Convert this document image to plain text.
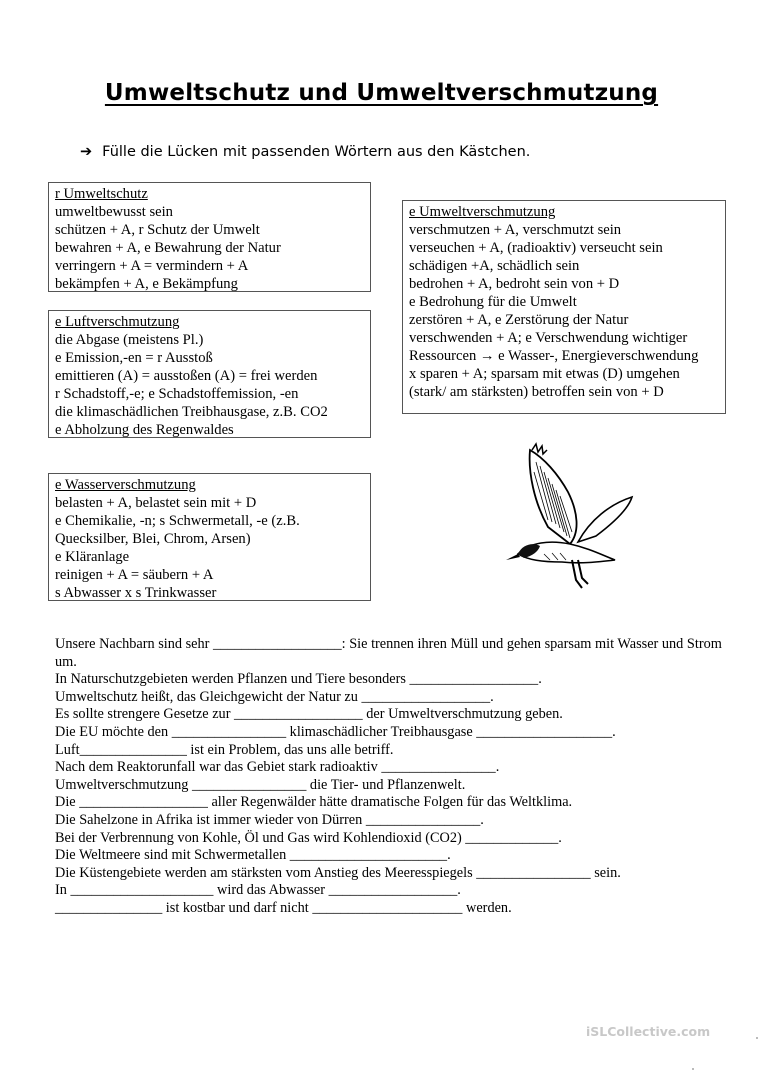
Umweltschutz und Umweltverschmutzung
➔ Fülle die Lücken mit passenden Wörtern aus den Kästchen.
r Umweltschutz
umweltbewusst sein
schützen + A, r Schutz der Umwelt
bewahren + A, e Bewahrung der Natur
verringern + A = vermindern + A
bekämpfen + A, e Bekämpfung
e Luftverschmutzung
die Abgase (meistens Pl.)
e Emission,-en = r Ausstoß
emittieren (A) = ausstoßen (A) = frei werden
r Schadstoff,-e; e Schadstoffemission, -en
die klimaschädlichen Treibhausgase, z.B. CO2
e Abholzung des Regenwaldes
e Wasserverschmutzung
belasten + A, belastet sein mit + D
e Chemikalie, -n; s Schwermetall, -e (z.B.
Quecksilber, Blei, Chrom, Arsen)
e Kläranlage
reinigen + A = säubern + A
s Abwasser x s Trinkwasser
e Umweltverschmutzung
verschmutzen + A, verschmutzt sein
verseuchen + A, (radioaktiv) verseucht sein
schädigen +A, schädlich sein
bedrohen + A, bedroht sein von + D
e Bedrohung für die Umwelt
zerstören + A, e Zerstörung der Natur
verschwenden + A; e Verschwendung wichtiger
Ressourcen → e Wasser-, Energieverschwendung
x sparen + A; sparsam mit etwas (D) umgehen
(stark/ am stärksten) betroffen sein von + D
Unsere Nachbarn sind sehr __________________: Sie trennen ihren Müll und gehen sparsam mit Wasser und Strom um.
In Naturschutzgebieten werden Pflanzen und Tiere besonders __________________.
Umweltschutz heißt, das Gleichgewicht der Natur zu __________________.
Es sollte strengere Gesetze zur __________________ der Umweltverschmutzung geben.
Die EU möchte den ________________ klimaschädlicher Treibhausgase ___________________.
Luft_______________ ist ein Problem, das uns alle betriff.
Nach dem Reaktorunfall war das Gebiet stark radioaktiv ________________.
Umweltverschmutzung ________________ die Tier- und Pflanzenwelt.
Die __________________ aller Regenwälder hätte dramatische Folgen für das Weltklima.
Die Sahelzone in Afrika ist immer wieder von Dürren ________________.
Bei der Verbrennung von Kohle, Öl und Gas wird Kohlendioxid (CO2) _____________.
Die Weltmeere sind mit Schwermetallen ______________________.
Die Küstengebiete werden am stärksten vom Anstieg des Meeresspiegels ________________ sein.
In ____________________ wird das Abwasser __________________.
_______________ ist kostbar und darf nicht _____________________ werden.
iSLCollective.com
